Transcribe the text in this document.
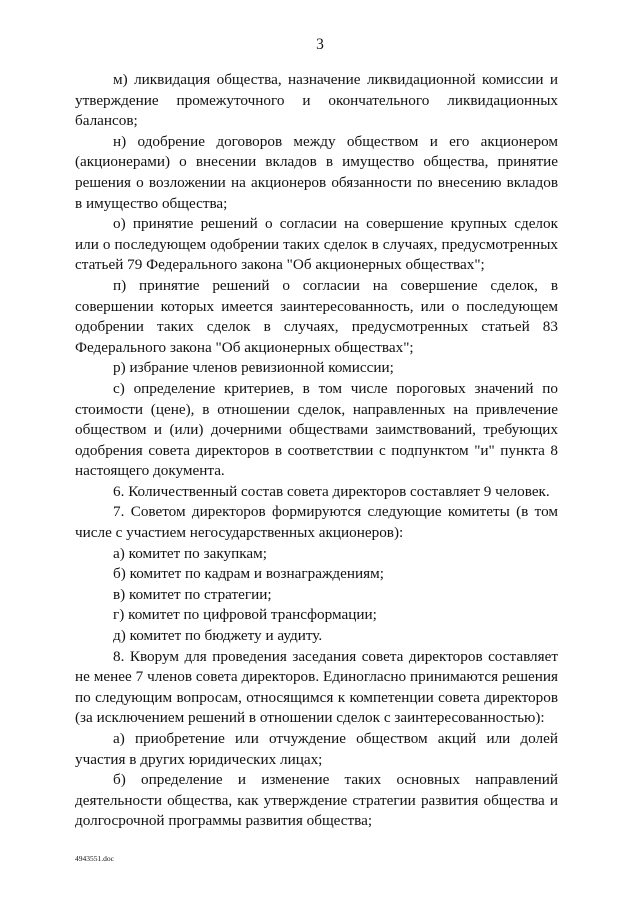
3

м) ликвидация общества, назначение ликвидационной комиссии и утверждение промежуточного и окончательного ликвидационных балансов;

н) одобрение договоров между обществом и его акционером (акционерами) о внесении вкладов в имущество общества, принятие решения о возложении на акционеров обязанности по внесению вкладов в имущество общества;

о) принятие решений о согласии на совершение крупных сделок или о последующем одобрении таких сделок в случаях, предусмотренных статьей 79 Федерального закона "Об акционерных обществах";

п) принятие решений о согласии на совершение сделок, в совершении которых имеется заинтересованность, или о последующем одобрении таких сделок в случаях, предусмотренных статьей 83 Федерального закона "Об акционерных обществах";

р) избрание членов ревизионной комиссии;

с) определение критериев, в том числе пороговых значений по стоимости (цене), в отношении сделок, направленных на привлечение обществом и (или) дочерними обществами заимствований, требующих одобрения совета директоров в соответствии с подпунктом "и" пункта 8 настоящего документа.

6. Количественный состав совета директоров составляет 9 человек.

7. Советом директоров формируются следующие комитеты (в том числе с участием негосударственных акционеров):

а) комитет по закупкам;

б) комитет по кадрам и вознаграждениям;

в) комитет по стратегии;

г) комитет по цифровой трансформации;

д) комитет по бюджету и аудиту.

8. Кворум для проведения заседания совета директоров составляет не менее 7 членов совета директоров. Единогласно принимаются решения по следующим вопросам, относящимся к компетенции совета директоров (за исключением решений в отношении сделок с заинтересованностью):

а) приобретение или отчуждение обществом акций или долей участия в других юридических лицах;

б) определение и изменение таких основных направлений деятельности общества, как утверждение стратегии развития общества и долгосрочной программы развития общества;

4943551.doc
